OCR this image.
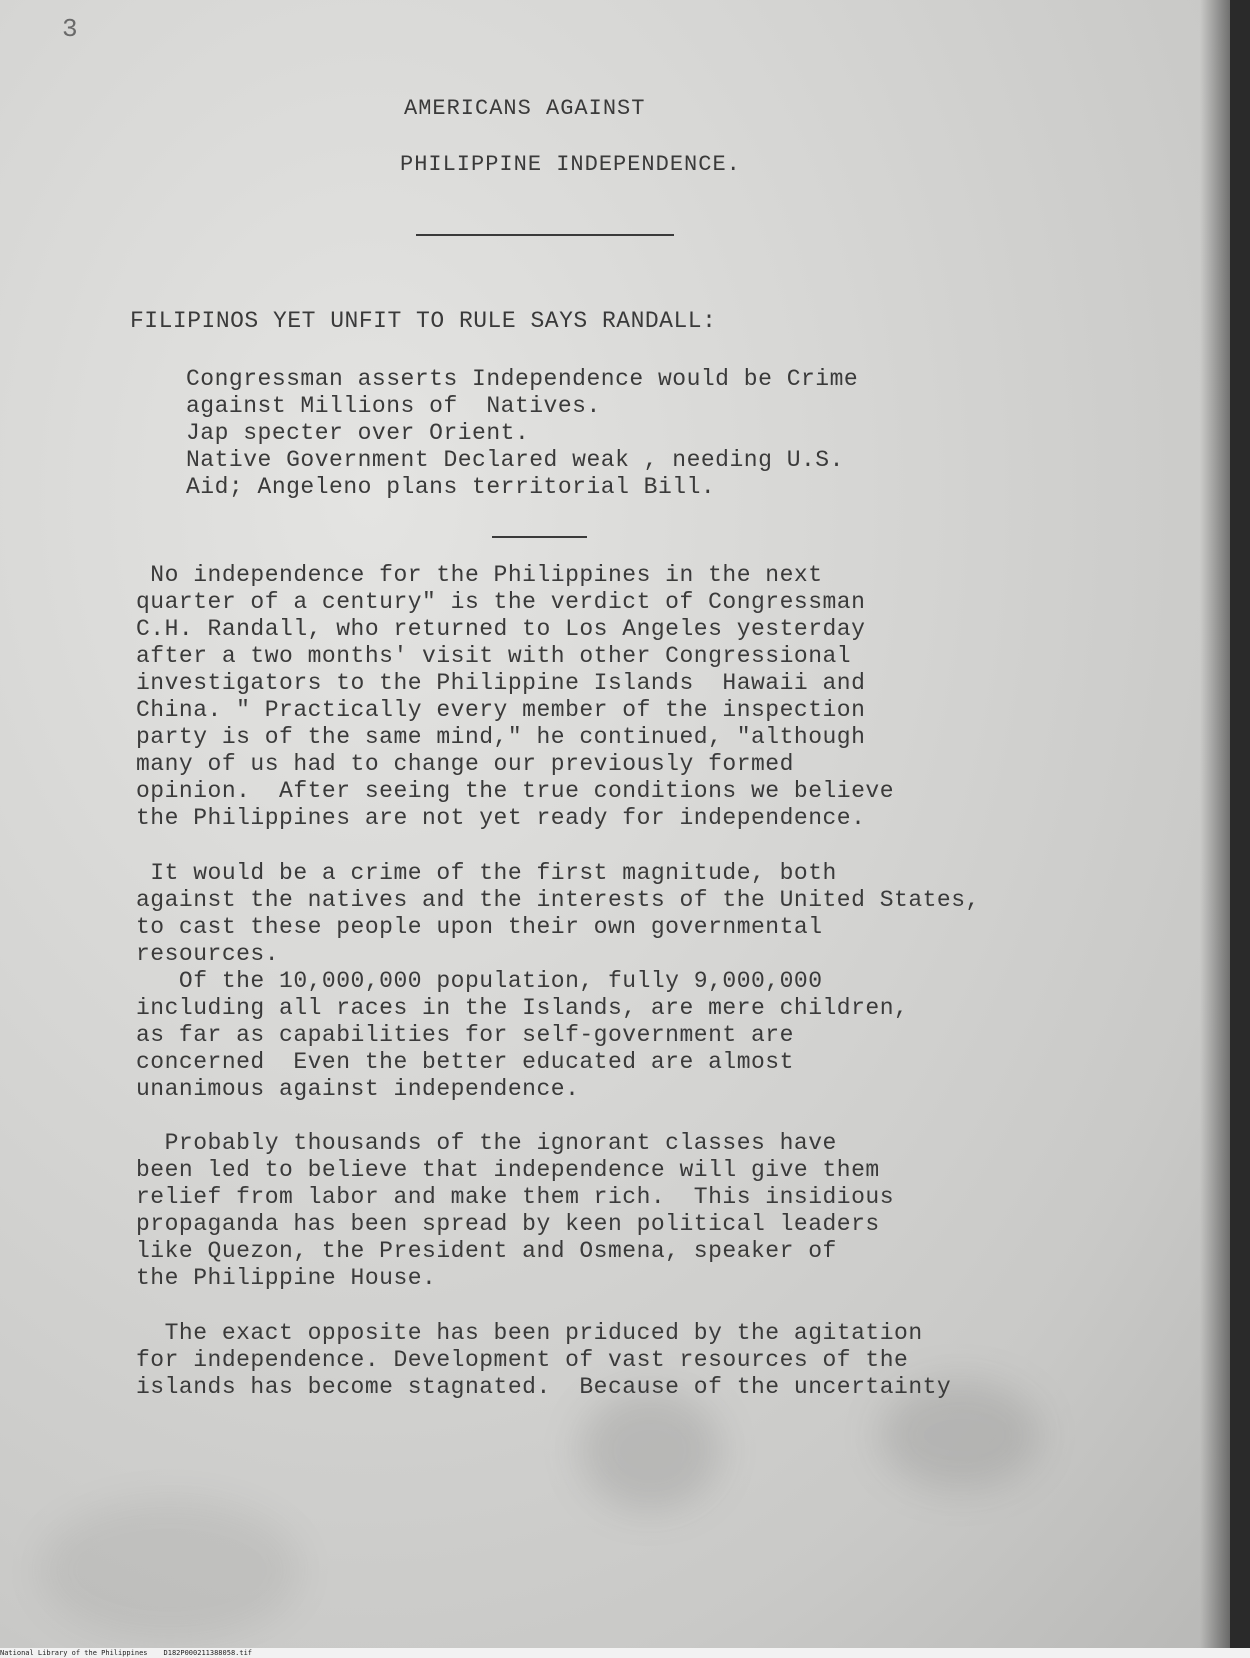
3
AMERICANS AGAINST
PHILIPPINE INDEPENDENCE.
FILIPINOS YET UNFIT TO RULE SAYS RANDALL:
Congressman asserts Independence would be Crime
against Millions of  Natives.
Jap specter over Orient.
Native Government Declared weak , needing U.S.
Aid; Angeleno plans territorial Bill.
No independence for the Philippines in the next
quarter of a century" is the verdict of Congressman
C.H. Randall, who returned to Los Angeles yesterday
after a two months' visit with other Congressional
investigators to the Philippine Islands  Hawaii and
China. " Practically every member of the inspection
party is of the same mind," he continued, "although
many of us had to change our previously formed
opinion.  After seeing the true conditions we believe
the Philippines are not yet ready for independence.
It would be a crime of the first magnitude, both
against the natives and the interests of the United States,
to cast these people upon their own governmental
resources.
Of the 10,000,000 population, fully 9,000,000
including all races in the Islands, are mere children,
as far as capabilities for self-government are
concerned  Even the better educated are almost
unanimous against independence.
Probably thousands of the ignorant classes have
been led to believe that independence will give them
relief from labor and make them rich.  This insidious
propaganda has been spread by keen political leaders
like Quezon, the President and Osmena, speaker of
the Philippine House.
The exact opposite has been priduced by the agitation
for independence. Development of vast resources of the
islands has become stagnated.  Because of the uncertainty
National Library of the Philippines D182P000211388058.tif
